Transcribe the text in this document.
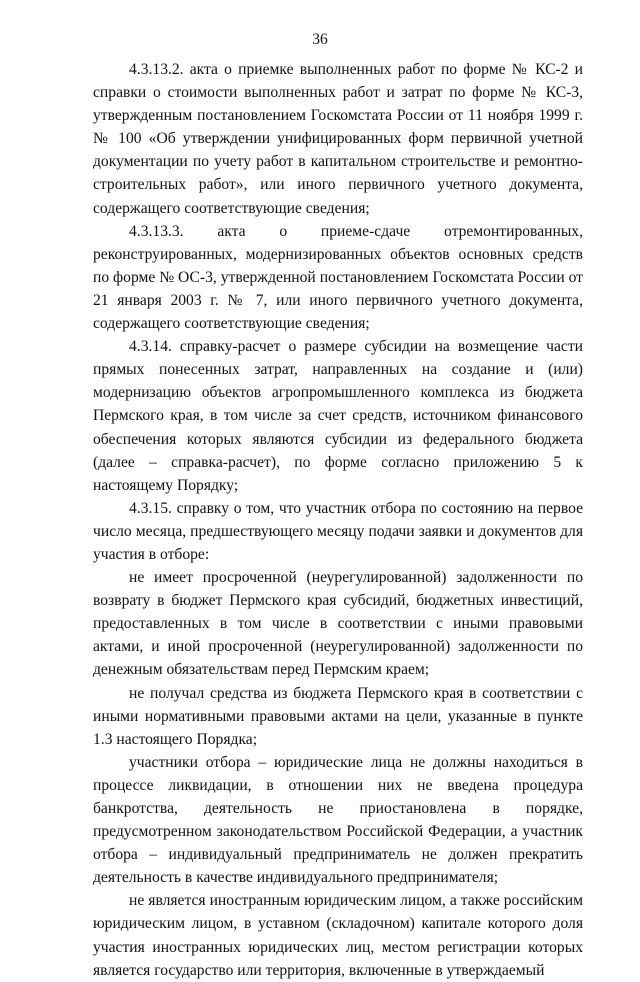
36

4.3.13.2. акта о приемке выполненных работ по форме № КС-2 и справки о стоимости выполненных работ и затрат по форме № КС-3, утвержденным постановлением Госкомстата России от 11 ноября 1999 г. № 100 «Об утверждении унифицированных форм первичной учетной документации по учету работ в капитальном строительстве и ремонтно-строительных работ», или иного первичного учетного документа, содержащего соответствующие сведения;

4.3.13.3. акта о приеме-сдаче отремонтированных, реконструированных, модернизированных объектов основных средств по форме № ОС-3, утвержденной постановлением Госкомстата России от 21 января 2003 г. № 7, или иного первичного учетного документа, содержащего соответствующие сведения;

4.3.14. справку-расчет о размере субсидии на возмещение части прямых понесенных затрат, направленных на создание и (или) модернизацию объектов агропромышленного комплекса из бюджета Пермского края, в том числе за счет средств, источником финансового обеспечения которых являются субсидии из федерального бюджета (далее – справка-расчет), по форме согласно приложению 5 к настоящему Порядку;

4.3.15. справку о том, что участник отбора по состоянию на первое число месяца, предшествующего месяцу подачи заявки и документов для участия в отборе:

не имеет просроченной (неурегулированной) задолженности по возврату в бюджет Пермского края субсидий, бюджетных инвестиций, предоставленных в том числе в соответствии с иными правовыми актами, и иной просроченной (неурегулированной) задолженности по денежным обязательствам перед Пермским краем;

не получал средства из бюджета Пермского края в соответствии с иными нормативными правовыми актами на цели, указанные в пункте 1.3 настоящего Порядка;

участники отбора – юридические лица не должны находиться в процессе ликвидации, в отношении них не введена процедура банкротства, деятельность не приостановлена в порядке, предусмотренном законодательством Российской Федерации, а участник отбора – индивидуальный предприниматель не должен прекратить деятельность в качестве индивидуального предпринимателя;

не является иностранным юридическим лицом, а также российским юридическим лицом, в уставном (складочном) капитале которого доля участия иностранных юридических лиц, местом регистрации которых является государство или территория, включенные в утверждаемый
